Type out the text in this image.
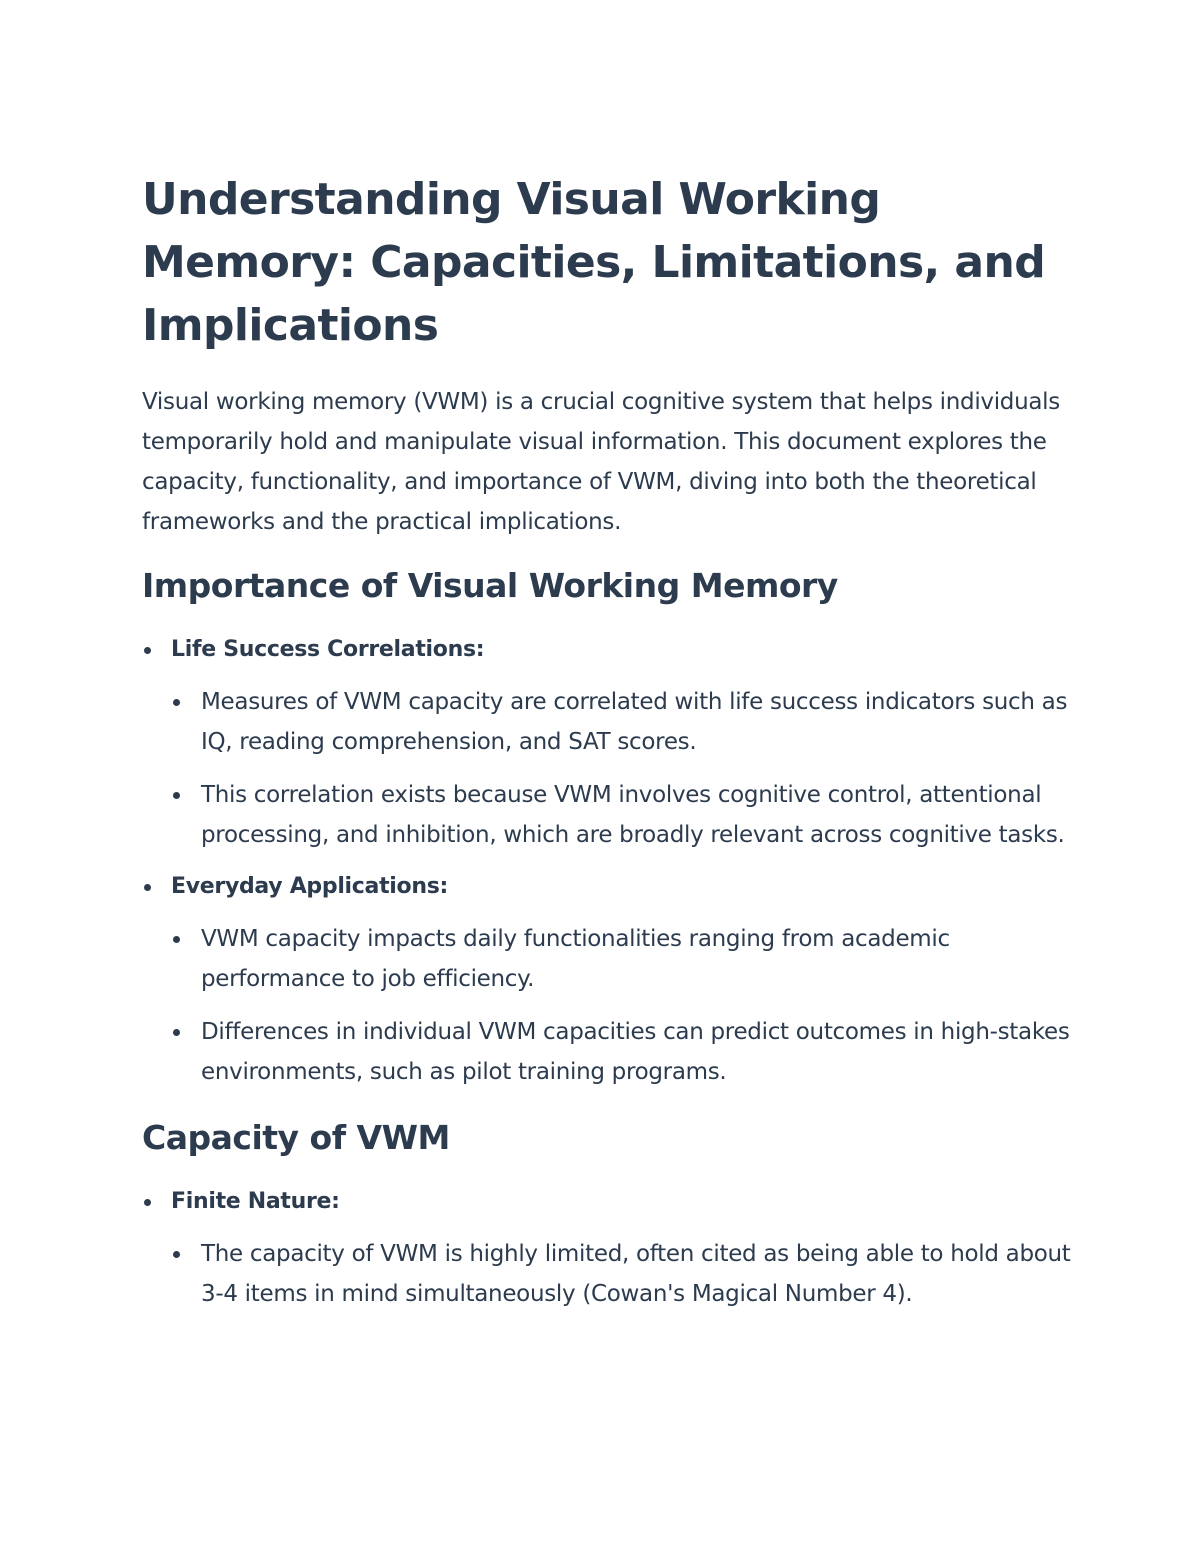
Understanding Visual Working Memory: Capacities, Limitations, and Implications

Visual working memory (VWM) is a crucial cognitive system that helps individuals temporarily hold and manipulate visual information. This document explores the capacity, functionality, and importance of VWM, diving into both the theoretical frameworks and the practical implications.

Importance of Visual Working Memory
Life Success Correlations:
Measures of VWM capacity are correlated with life success indicators such as IQ, reading comprehension, and SAT scores.
This correlation exists because VWM involves cognitive control, attentional processing, and inhibition, which are broadly relevant across cognitive tasks.
Everyday Applications:
VWM capacity impacts daily functionalities ranging from academic performance to job efficiency.
Differences in individual VWM capacities can predict outcomes in high-stakes environments, such as pilot training programs.
Capacity of VWM
Finite Nature:
The capacity of VWM is highly limited, often cited as being able to hold about 3-4 items in mind simultaneously (Cowan's Magical Number 4).
